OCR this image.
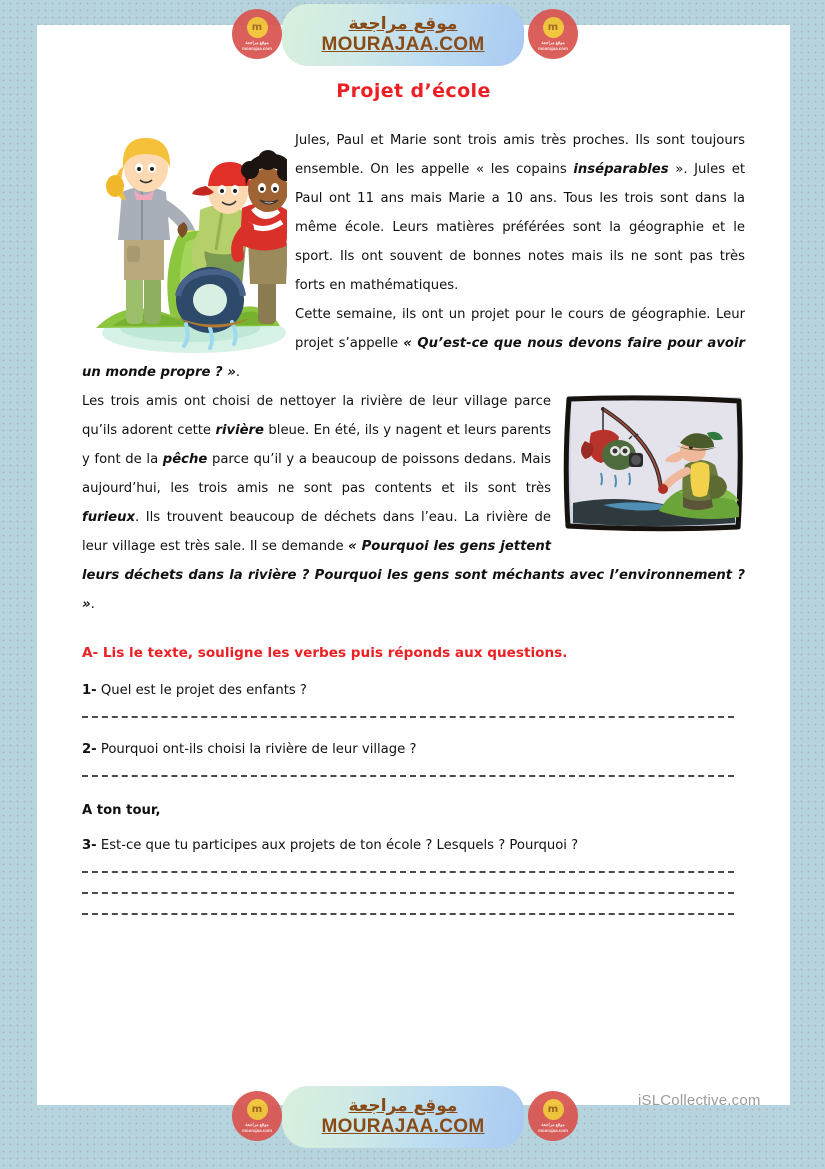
Projet d’école

Jules, Paul et Marie sont trois amis très proches. Ils sont toujours ensemble. On les appelle « les copains inséparables ». Jules et Paul ont 11 ans mais Marie a 10 ans. Tous les trois sont dans la même école. Leurs matières préférées sont la géographie et le sport. Ils ont souvent de bonnes notes mais ils ne sont pas très forts en mathématiques.

Cette semaine, ils ont un projet pour le cours de géographie. Leur projet s’appelle « Qu’est-ce que nous devons faire pour avoir un monde propre ? ».

Les trois amis ont choisi de nettoyer la rivière de leur village parce qu’ils adorent cette rivière bleue. En été, ils y nagent et leurs parents y font de la pêche parce qu’il y a beaucoup de poissons dedans. Mais aujourd’hui, les trois amis ne sont pas contents et ils sont très furieux. Ils trouvent beaucoup de déchets dans l’eau. La rivière de leur village est très sale. Il se demande « Pourquoi les gens jettent leurs déchets dans la rivière ? Pourquoi les gens sont méchants avec l’environnement ? ».

A- Lis le texte, souligne les verbes puis réponds aux questions.

1- Quel est le projet des enfants ?

2- Pourquoi ont-ils choisi la rivière de leur village ?

A ton tour,

3- Est-ce que tu participes aux projets de ton école ? Lesquels ? Pourquoi ?

iSLCollective.com
m
موقع مراجعة
mourajaa.com
موقع مراجعة
MOURAJAA.COM
m
موقع مراجعة
mourajaa.com
m
موقع مراجعة
mourajaa.com
موقع مراجعة
MOURAJAA.COM
m
موقع مراجعة
mourajaa.com
